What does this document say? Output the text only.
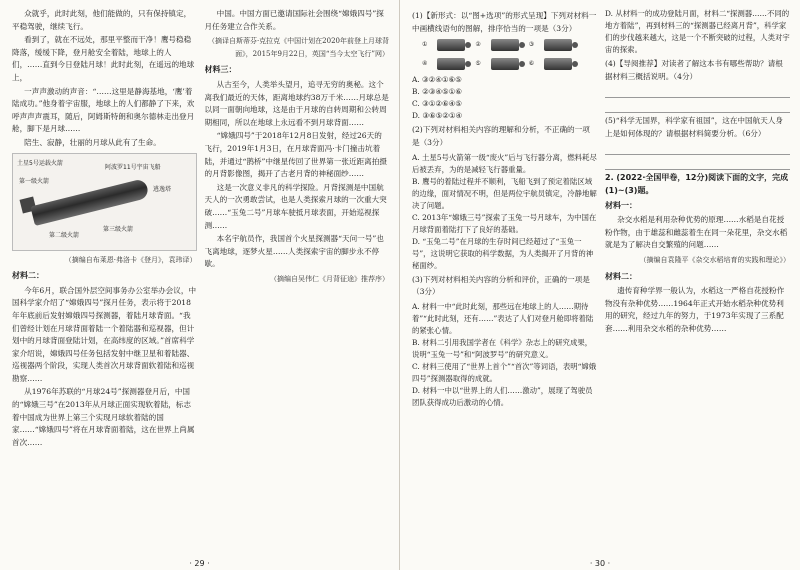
众就乎，此时此刻，他们能做的，只有保持镇定，平稳驾驶，继续飞行。

看到了，就在不远处，那里平整而干净！鹰号稳稳降落，缓缓下降，登月舱安全着陆，地球上的人们，……直到今日登陆月球！此时此刻，在遥远的地球上，

一声声激动的声音：“……这里是静海基地，‘鹰’着陆成功。”他身着宇宙服，地球上的人们都静了下来，欢呼声声声震耳，随后，阿姆斯特朗和奥尔德林走出登月舱，脚下是月球……

陪生、寂静，壮丽的月球从此有了生命。

土星5号运载火箭
第一级火箭
第二级火箭
第三级火箭
阿波罗11号宇宙飞船
逃逸塔
（摘编自布莱恩·弗洛卡《登月》，袁玮译）
材料二：

今年6月，联合国外层空间事务办公室举办会议，中国科学家介绍了“嫦娥四号”探月任务，表示将于2018年年底前后发射嫦娥四号探测器，着陆月球背面。“我们曾经计划在月球背面着陆一个着陆器和巡视器，但计划中的月球背面登陆计划，在高纬度的区域。”首席科学家介绍说，嫦娥四号任务包括发射中继卫星和着陆器、巡视器两个阶段，实现人类首次月球背面软着陆和巡视勘察……

从1976年苏联的“月球24号”探测器登月后，中国的“嫦娥三号”在2013年从月球正面实现软着陆，标志着中国成为世界上第三个实现月球软着陆的国家……“嫦娥四号”将在月球背面着陆，这在世界上尚属首次……

中国。中国方面已邀请国际社会围绕“嫦娥四号”探月任务建立合作关系。

（摘译自斯蒂芬·克拉克《中国计划在2020年前登上月球背面》，2015年9月22日，英国“当今太空飞行”网）
材料三：

从古至今，人类举头望月，追寻无穷的奥秘。这个离我们最近的天体，距离地球约38万千米……月球总是以同一面朝向地球，这是由于月球的自转周期和公转周期相同，所以在地球上永远看不到月球背面……

“嫦娥四号”于2018年12月8日发射，经过26天的飞行，2019年1月3日，在月球背面冯·卡门撞击坑着陆，并通过“鹊桥”中继星传回了世界第一张近距离拍摄的月背影像图，揭开了古老月背的神秘面纱……

这是一次意义非凡的科学探险。月背探测是中国航天人的一次勇敢尝试，也是人类探索月球的一次重大突破……“玉兔二号”月球车驶抵月球表面，开始巡视探测……

本名宇航员作，我国首个火星探测器“天问一号”也飞离地球，逐梦火星……人类探索宇宙的脚步永不停歇。

（摘编自吴伟仁《月背征途》推荐序）
· 29 ·
(1)【新形式：以“图+选项”的形式呈现】下列对材料一中画横线语句的图解，排序恰当的一项是（3分）
①	②	③
④	⑤	⑥
A. ③②④①⑥⑤
B. ②③④⑤①⑥
C. ③①②⑥④⑤
D. ③⑥⑤②①④
(2)下列对材料相关内容的理解和分析，不正确的一项是（3分）
A. 土星5号火箭第一级“废火”后与飞行器分离，燃料耗尽后被丢弃，为的是减轻飞行器重量。
B. 鹰号的着陆过程并不顺利，飞船飞到了预定着陆区域的边缘，面对情况不明，但是两位宇航员镇定，冷静地解决了问题。
C. 2013年“嫦娥三号”探索了玉兔一号月球车，为中国在月球背面着陆打下了良好的基础。
D. “玉兔二号”在月球的生存时间已经超过了“玉兔一号”，这说明它获取的科学数据，为人类揭开了月背的神秘面纱。
(3)下列对材料相关内容的分析和评价，正确的一项是（3分）
A. 材料一中“此时此刻，那些远在地球上的人……期待着”“此时此刻，还有……”表达了人们对登月舱即将着陆的紧张心情。
B. 材料二引用我国学者在《科学》杂志上的研究成果，说明“玉兔一号”和“阿波罗号”的研究意义。
C. 材料三使用了“世界上首个”“首次”等词语，表明“嫦娥四号”探测器取得的成就。
D. 材料一中以“世界上的人们……激动”，展现了驾驶员团队获得成功后激动的心情。
D. 从材料一的成功登陆月面，材料二“探测器……不同的地方着陆”，再到材料三的“探测器已经离月背”，科学家们的步伐越来越大，这是一个不断突破的过程，人类对宇宙的探索。
(4)【导阅推荐】对读者了解这本书有哪些帮助？请根据材料三概括说明。（4分）
(5)“科学无国界，科学家有祖国”，这在中国航天人身上是如何体现的？请根据材料简要分析。（6分）
2. (2022·全国甲卷，12分)阅读下面的文字，完成(1)~(3)题。
材料一：

杂交水稻是利用杂种优势的原理……水稻是自花授粉作物，由于雄蕊和雌蕊着生在同一朵花里，杂交水稻就是为了解决自交繁殖的问题……

（摘编自袁隆平《杂交水稻培育的实践和理论》）
材料二：

遗传育种学界一般认为，水稻这一严格自花授粉作物没有杂种优势……1964年正式开始水稻杂种优势利用的研究，经过九年的努力，于1973年实现了三系配套……利用杂交水稻的杂种优势……

· 30 ·
